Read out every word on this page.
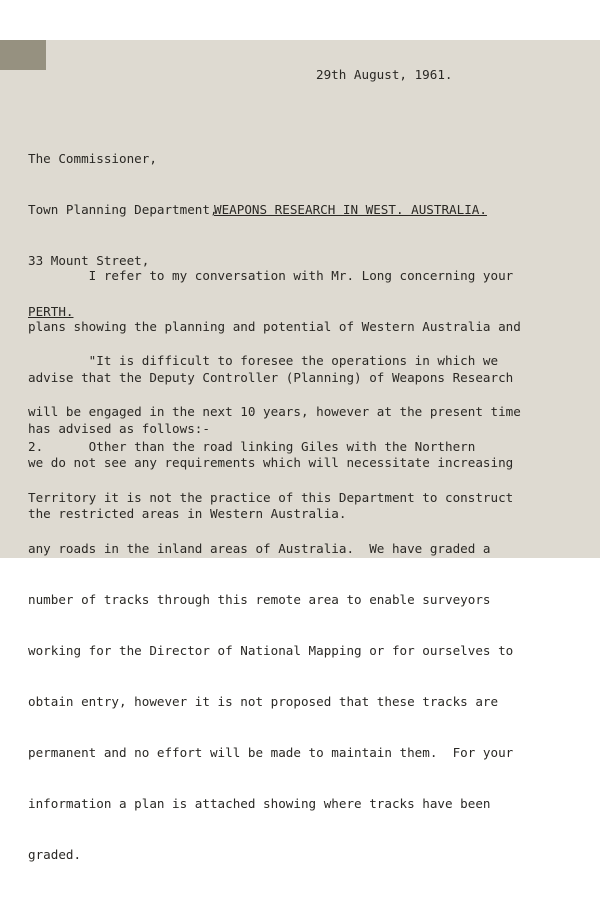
29th August, 1961.

The Commissioner,

Town Planning Department,

33 Mount Street,

PERTH.

WEAPONS RESEARCH IN WEST. AUSTRALIA.

I refer to my conversation with Mr. Long concerning your

plans showing the planning and potential of Western Australia and

advise that the Deputy Controller (Planning) of Weapons Research

has advised as follows:-

"It is difficult to foresee the operations in which we

will be engaged in the next 10 years, however at the present time

we do not see any requirements which will necessitate increasing

the restricted areas in Western Australia.

2.      Other than the road linking Giles with the Northern

Territory it is not the practice of this Department to construct

any roads in the inland areas of Australia.  We have graded a

number of tracks through this remote area to enable surveyors

working for the Director of National Mapping or for ourselves to

obtain entry, however it is not proposed that these tracks are

permanent and no effort will be made to maintain them.  For your

information a plan is attached showing where tracks have been

graded.
